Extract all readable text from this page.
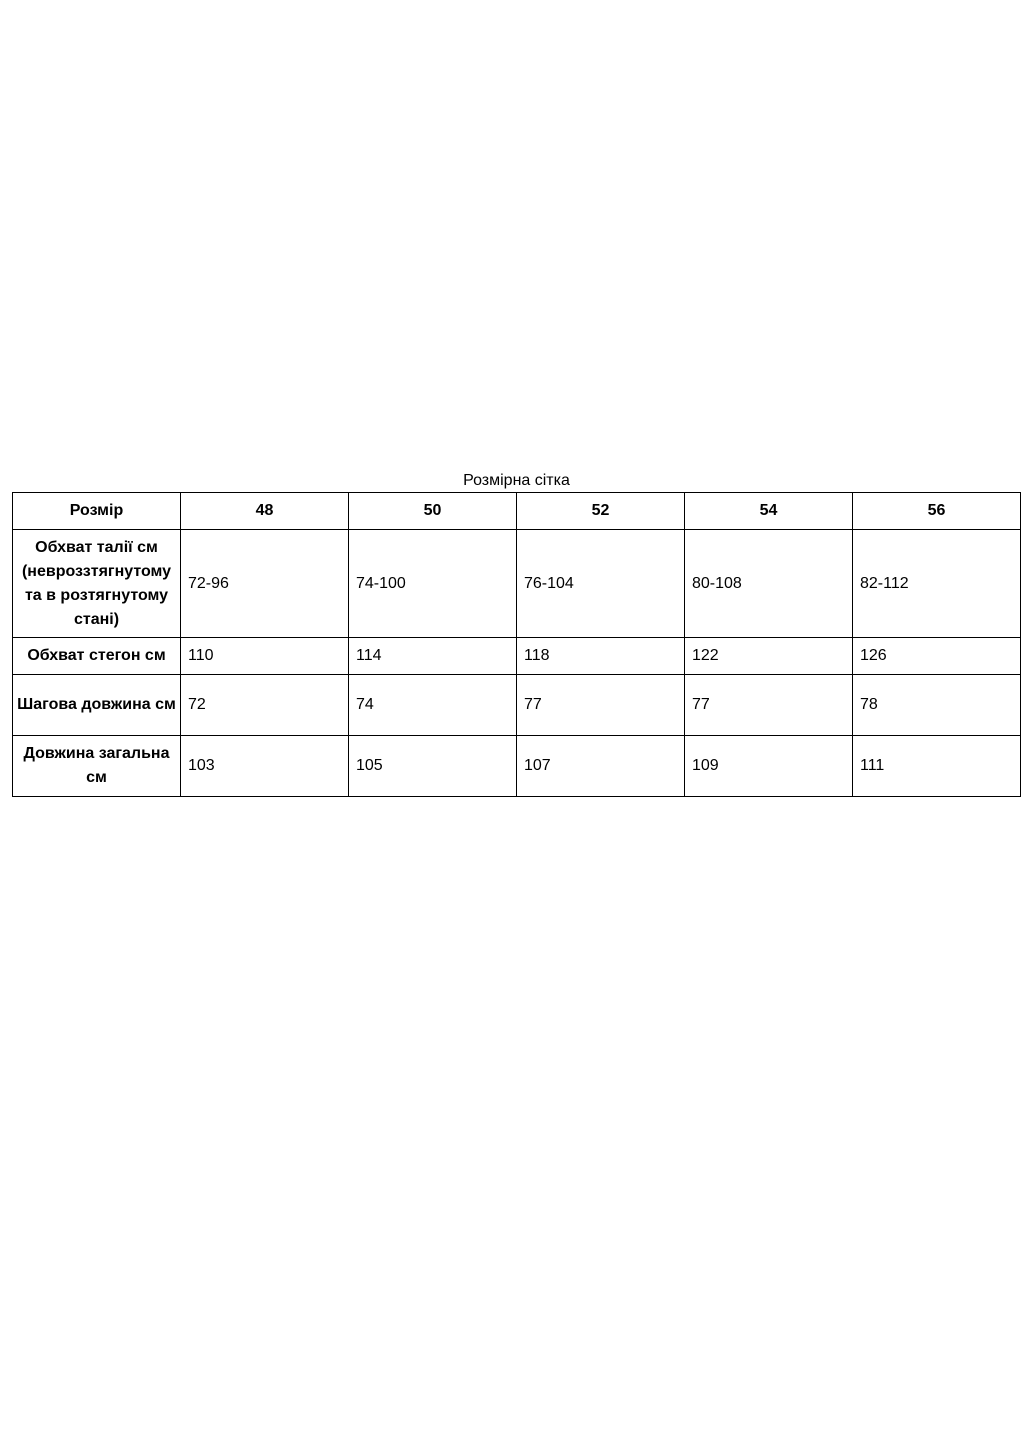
Розмірна сітка
Розмір	48	50	52	54	56
Обхват талії см (невроззтягнутому та в розтягнутому стані)	72-96	74-100	76-104	80-108	82-112
Обхват стегон см	110	114	118	122	126
Шагова довжина см	72	74	77	77	78
Довжина загальна см	103	105	107	109	111
